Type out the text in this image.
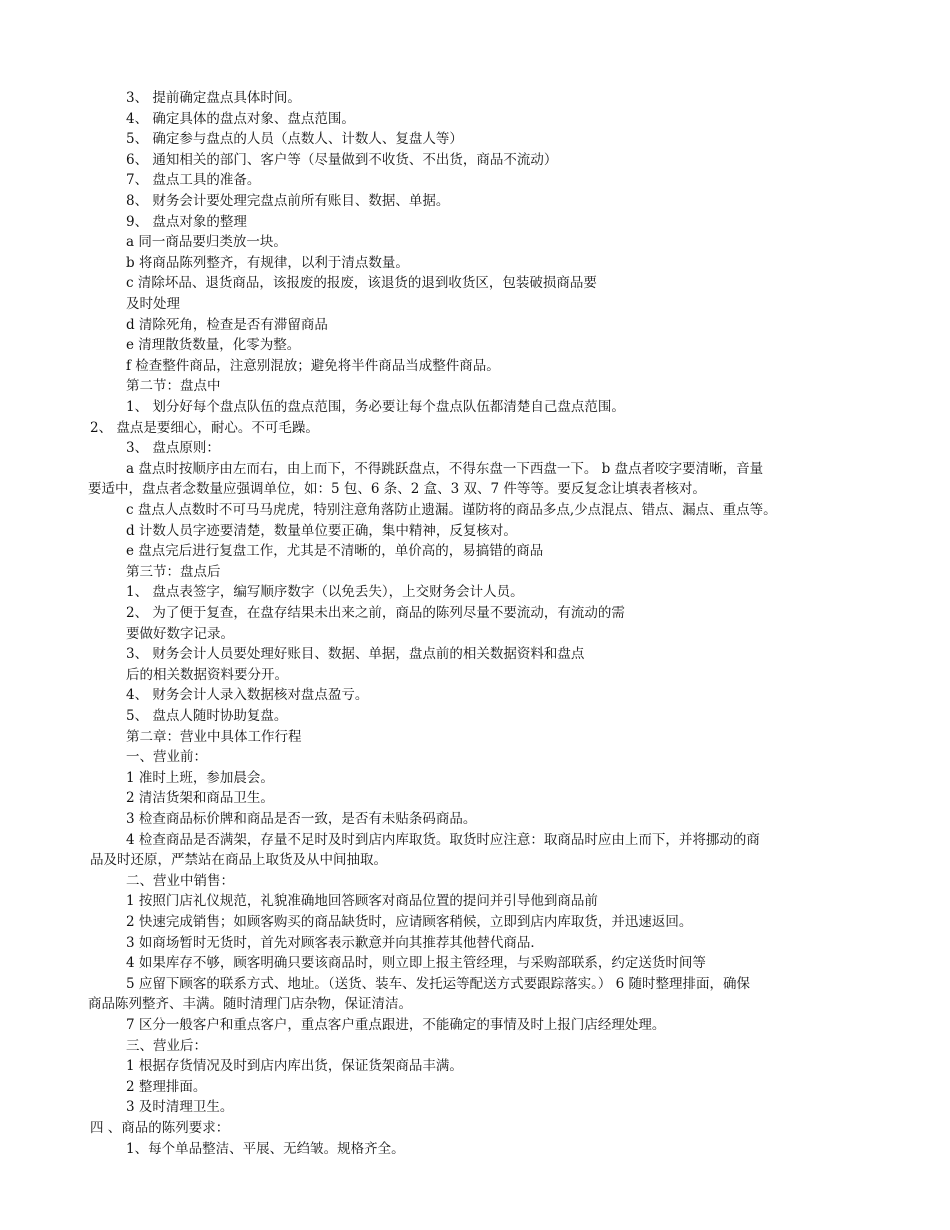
3、 提前确定盘点具体时间。
4、 确定具体的盘点对象、盘点范围。
5、 确定参与盘点的人员（点数人、计数人、复盘人等）
6、 通知相关的部门、客户等（尽量做到不收货、不出货，商品不流动）
7、 盘点工具的准备。
8、 财务会计要处理完盘点前所有账目、数据、单据。
9、 盘点对象的整理
a 同一商品要归类放一块。
b 将商品陈列整齐，有规律，以利于清点数量。
c 清除坏品、退货商品，该报废的报废，该退货的退到收货区，包装破损商品要
及时处理
d 清除死角，检查是否有滞留商品
e 清理散货数量，化零为整。
f 检查整件商品，注意别混放；避免将半件商品当成整件商品。
第二节：盘点中
1、 划分好每个盘点队伍的盘点范围，务必要让每个盘点队伍都清楚自己盘点范围。
2、 盘点是要细心，耐心。不可毛躁。
3、 盘点原则：
a 盘点时按顺序由左而右，由上而下，不得跳跃盘点，不得东盘一下西盘一下。 b 盘点者咬字要清晰，音量
要适中，盘点者念数量应强调单位，如：5 包、6 条、2 盒、3 双、7 件等等。要反复念让填表者核对。
c 盘点人点数时不可马马虎虎，特别注意角落防止遗漏。谨防将的商品多点,少点混点、错点、漏点、重点等。
d 计数人员字迹要清楚，数量单位要正确，集中精神，反复核对。
e 盘点完后进行复盘工作，尤其是不清晰的，单价高的，易搞错的商品
第三节：盘点后
1、 盘点表签字，编写顺序数字（以免丢失），上交财务会计人员。
2、 为了便于复查，在盘存结果未出来之前，商品的陈列尽量不要流动，有流动的需
要做好数字记录。
3、 财务会计人员要处理好账目、数据、单据，盘点前的相关数据资料和盘点
后的相关数据资料要分开。
4、 财务会计人录入数据核对盘点盈亏。
5、 盘点人随时协助复盘。
第二章：营业中具体工作行程
一、营业前：
1 准时上班，参加晨会。
2 清洁货架和商品卫生。
3 检查商品标价牌和商品是否一致，是否有未贴条码商品。
4 检查商品是否满架，存量不足时及时到店内库取货。取货时应注意：取商品时应由上而下，并将挪动的商
品及时还原，严禁站在商品上取货及从中间抽取。
二、营业中销售：
1 按照门店礼仪规范，礼貌准确地回答顾客对商品位置的提问并引导他到商品前
2 快速完成销售；如顾客购买的商品缺货时，应请顾客稍候，立即到店内库取货，并迅速返回。
3 如商场暂时无货时，首先对顾客表示歉意并向其推荐其他替代商品．
4 如果库存不够，顾客明确只要该商品时，则立即上报主管经理，与采购部联系，约定送货时间等
5 应留下顾客的联系方式、地址。（送货、装车、发托运等配送方式要跟踪落实。） 6 随时整理排面，确保
商品陈列整齐、丰满。随时清理门店杂物，保证清洁。
7 区分一般客户和重点客户，重点客户重点跟进，不能确定的事情及时上报门店经理处理。
三、营业后：
1 根据存货情况及时到店内库出货，保证货架商品丰满。
2 整理排面。
3 及时清理卫生。
四 、商品的陈列要求：
1、每个单品整洁、平展、无绉皱。规格齐全。
